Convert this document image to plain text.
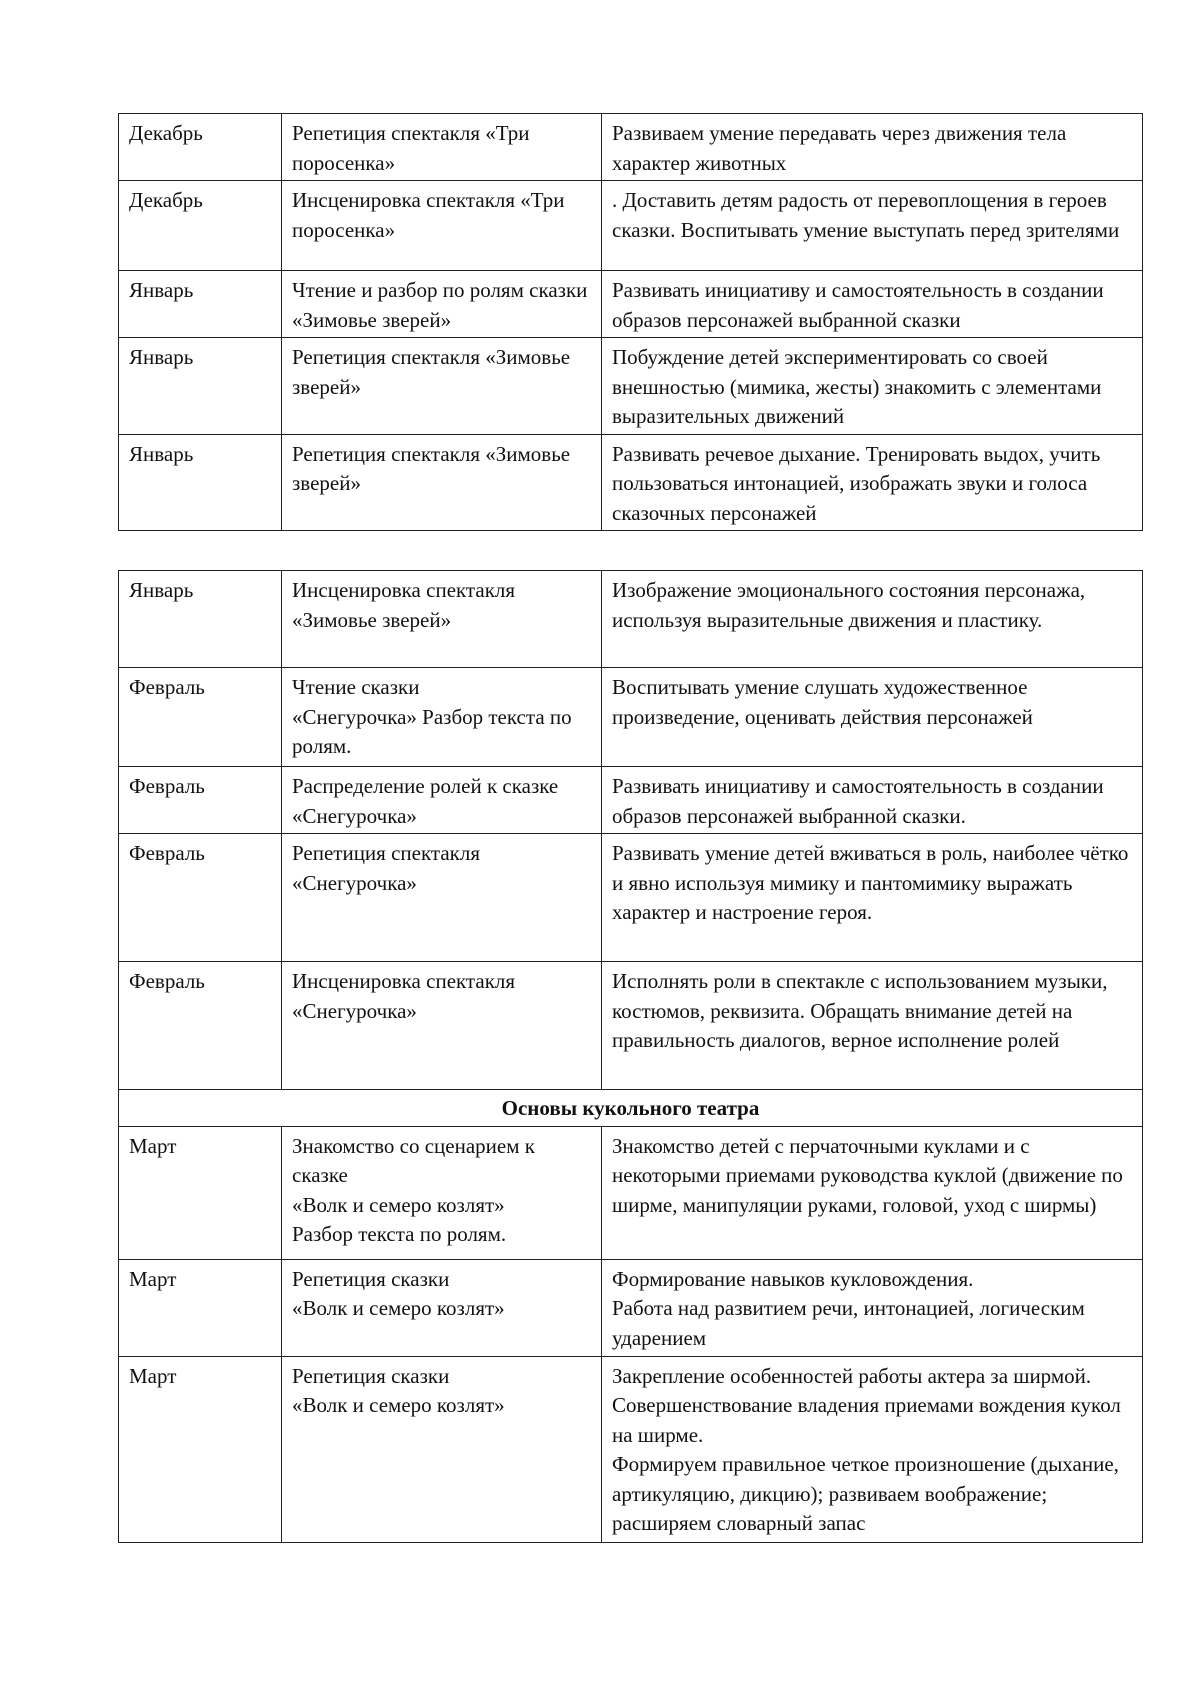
Декабрь	Репетиция спектакля «Три поросенка»	Развиваем умение передавать через движения тела характер животных
Декабрь	Инсценировка спектакля «Три поросенка»	. Доставить детям радость от перевоплощения в героев сказки. Воспитывать умение выступать перед зрителями
Январь	Чтение и разбор по ролям сказки «Зимовье зверей»	Развивать инициативу и самостоятельность в создании образов персонажей выбранной сказки
Январь	Репетиция спектакля «Зимовье зверей»	Побуждение детей экспериментировать со своей внешностью (мимика, жесты) знакомить с элементами выразительных движений
Январь	Репетиция спектакля «Зимовье зверей»	Развивать речевое дыхание. Тренировать выдох, учить пользоваться интонацией, изображать звуки и голоса сказочных персонажей
Январь	Инсценировка спектакля «Зимовье зверей»	Изображение эмоционального состояния персонажа, используя выразительные движения и пластику.
Февраль	Чтение сказки
«Снегурочка» Разбор текста по ролям.	Воспитывать умение слушать художественное произведение, оценивать действия персонажей
Февраль	Распределение ролей к сказке «Снегурочка»	Развивать инициативу и самостоятельность в создании образов персонажей выбранной сказки.
Февраль	Репетиция спектакля «Снегурочка»	Развивать умение детей вживаться в роль, наиболее чётко и явно используя мимику и пантомимику выражать характер и настроение героя.
Февраль	Инсценировка спектакля «Снегурочка»	Исполнять роли в спектакле с использованием музыки, костюмов, реквизита. Обращать внимание детей на правильность диалогов, верное исполнение ролей
Основы кукольного театра		
Март	Знакомство со сценарием к сказке
«Волк и семеро козлят»
Разбор текста по ролям.	Знакомство детей с перчаточными куклами и с некоторыми приемами руководства куклой (движение по ширме, манипуляции руками, головой, уход с ширмы)
Март	Репетиция сказки
«Волк и семеро козлят»	Формирование навыков кукловождения.
Работа над развитием речи, интонацией, логическим ударением
Март	Репетиция сказки
«Волк и семеро козлят»	Закрепление особенностей работы актера за ширмой. Совершенствование владения приемами вождения кукол на ширме.
Формируем правильное четкое произношение (дыхание, артикуляцию, дикцию); развиваем воображение; расширяем словарный запас
